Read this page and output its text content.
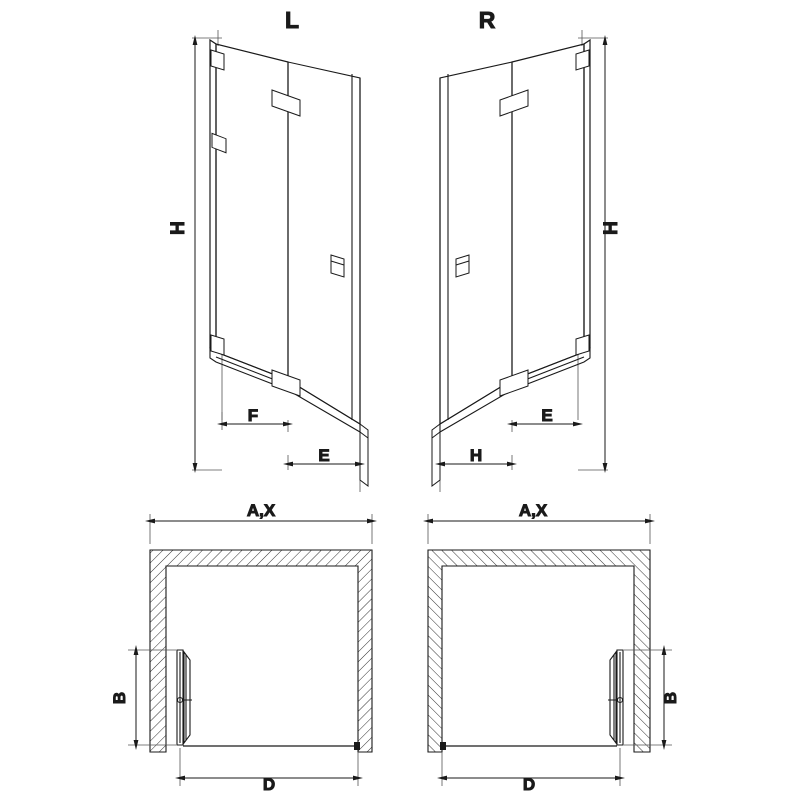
H
F
E
L
H
E
H
R
A,X
B
D
A,X
B
D
